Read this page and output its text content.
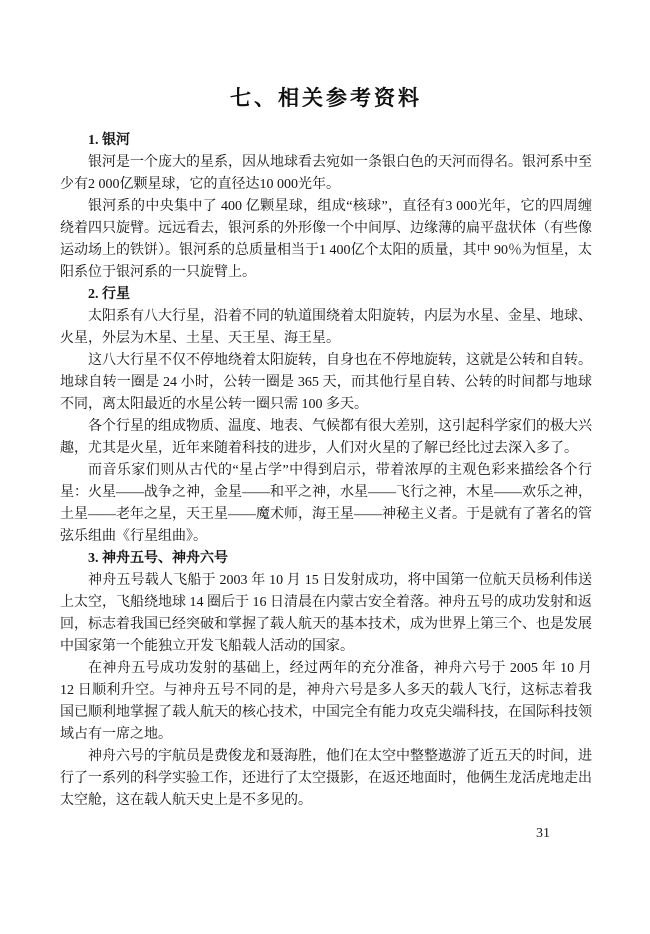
七、相关参考资料

1. 银河

银河是一个庞大的星系，因从地球看去宛如一条银白色的天河而得名。银河系中至少有2 000亿颗星球，它的直径达10 000光年。

银河系的中央集中了 400 亿颗星球，组成“核球”，直径有3 000光年，它的四周缠绕着四只旋臂。远远看去，银河系的外形像一个中间厚、边缘薄的扁平盘状体（有些像运动场上的铁饼）。银河系的总质量相当于1 400亿个太阳的质量，其中 90％为恒星，太阳系位于银河系的一只旋臂上。

2. 行星

太阳系有八大行星，沿着不同的轨道围绕着太阳旋转，内层为水星、金星、地球、火星，外层为木星、土星、天王星、海王星。

这八大行星不仅不停地绕着太阳旋转，自身也在不停地旋转，这就是公转和自转。地球自转一圈是 24 小时，公转一圈是 365 天，而其他行星自转、公转的时间都与地球不同，离太阳最近的水星公转一圈只需 100 多天。

各个行星的组成物质、温度、地表、气候都有很大差别，这引起科学家们的极大兴趣，尤其是火星，近年来随着科技的进步，人们对火星的了解已经比过去深入多了。

而音乐家们则从古代的“星占学”中得到启示，带着浓厚的主观色彩来描绘各个行星：火星——战争之神，金星——和平之神，水星——飞行之神，木星——欢乐之神，土星——老年之星，天王星——魔术师，海王星——神秘主义者。于是就有了著名的管弦乐组曲《行星组曲》。

3. 神舟五号、神舟六号

神舟五号载人飞船于 2003 年 10 月 15 日发射成功，将中国第一位航天员杨利伟送上太空，飞船绕地球 14 圈后于 16 日清晨在内蒙古安全着落。神舟五号的成功发射和返回，标志着我国已经突破和掌握了载人航天的基本技术，成为世界上第三个、也是发展中国家第一个能独立开发飞船载人活动的国家。

在神舟五号成功发射的基础上，经过两年的充分准备，神舟六号于 2005 年 10 月 12 日顺利升空。与神舟五号不同的是，神舟六号是多人多天的载人飞行，这标志着我国已顺利地掌握了载人航天的核心技术，中国完全有能力攻克尖端科技，在国际科技领域占有一席之地。

神舟六号的宇航员是费俊龙和聂海胜，他们在太空中整整遨游了近五天的时间，进行了一系列的科学实验工作，还进行了太空摄影，在返还地面时，他俩生龙活虎地走出太空舱，这在载人航天史上是不多见的。

31
